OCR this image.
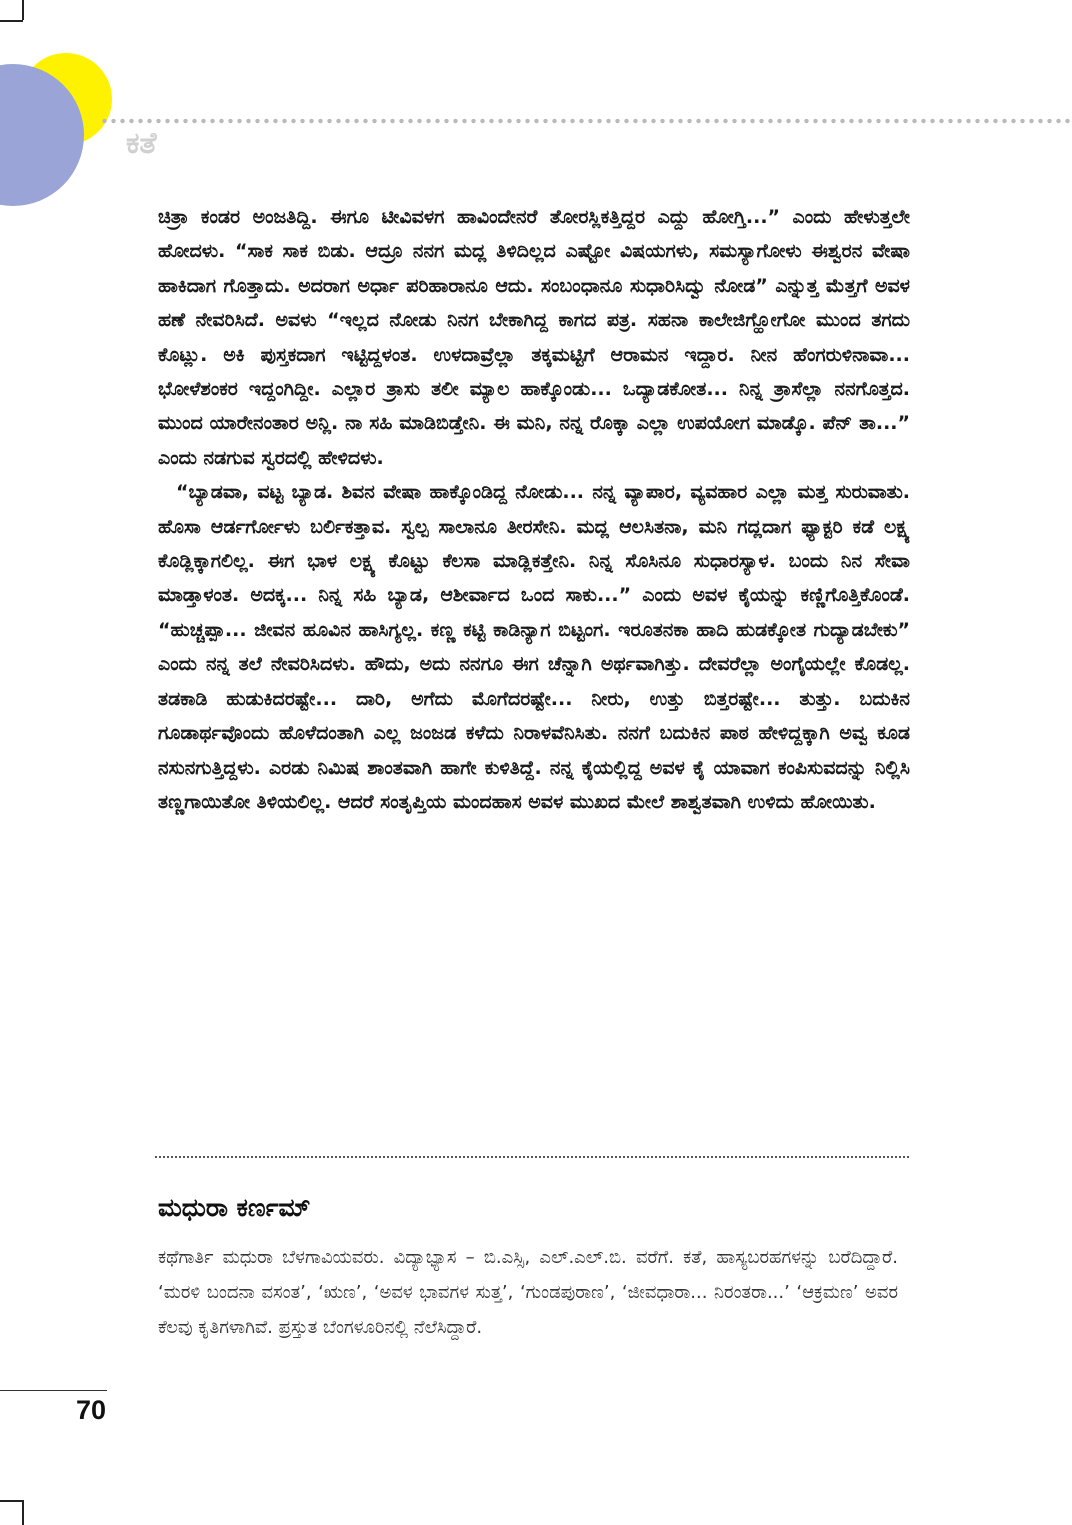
ಕತೆ

ಚಿತ್ರಾ ಕಂಡರ ಅಂಜತಿದ್ದಿ. ಈಗೂ ಟೀವಿವಳಗ ಹಾವಿಂದೇನರೆ ತೋರಸ್ಲಿಕತ್ತಿದ್ದರ ಎದ್ದು ಹೋಗ್ತಿ...” ಎಂದು ಹೇಳುತ್ತಲೇ ಹೋದಳು. “ಸಾಕ ಸಾಕ ಬಿಡು. ಆದ್ರೂ ನನಗ ಮದ್ಲ ತಿಳಿದಿಲ್ಲದ ಎಷ್ಟೋ ವಿಷಯಗಳು, ಸಮಸ್ಯಾಗೋಳು ಈಶ್ವರನ ವೇಷಾ ಹಾಕಿದಾಗ ಗೊತ್ತಾದು. ಅದರಾಗ ಅರ್ಧಾ ಪರಿಹಾರಾನೂ ಆದು. ಸಂಬಂಧಾನೂ ಸುಧಾರಿಸಿದ್ವು ನೋಡ” ಎನ್ನುತ್ತ ಮೆತ್ತಗೆ ಅವಳ ಹಣೆ ನೇವರಿಸಿದೆ. ಅವಳು “ಇಲ್ಲದ ನೋಡು ನಿನಗ ಬೇಕಾಗಿದ್ದ ಕಾಗದ ಪತ್ರ. ಸಹನಾ ಕಾಲೇಜಿಗ್ಹೋಗೋ ಮುಂದ ತಗದು ಕೊಟ್ಲು. ಅಕಿ ಪುಸ್ತಕದಾಗ ಇಟ್ಟಿದ್ದಳಂತ. ಉಳದಾವ್ರೆಲ್ಲಾ ತಕ್ಕಮಟ್ಟಿಗೆ ಆರಾಮನ ಇದ್ದಾರ. ನೀನ ಹೆಂಗರುಳಿನಾವಾ... ಭೋಳೆಶಂಕರ ಇದ್ದಂಗಿದ್ದೀ. ಎಲ್ಲಾರ ತ್ರಾಸು ತಲೀ ಮ್ಯಾಲ ಹಾಕ್ಕೊಂಡು... ಒದ್ಯಾಡಕೋತ... ನಿನ್ನ ತ್ರಾಸೆಲ್ಲಾ ನನಗೊತ್ತದ. ಮುಂದ ಯಾರೇನಂತಾರ ಅನ್ಲಿ. ನಾ ಸಹಿ ಮಾಡಿಬಿಡ್ತೇನಿ. ಈ ಮನಿ, ನನ್ನ ರೊಕ್ಕಾ ಎಲ್ಲಾ ಉಪಯೋಗ ಮಾಡ್ಕೊ. ಪೆನ್ ತಾ...” ಎಂದು ನಡಗುವ ಸ್ವರದಲ್ಲಿ ಹೇಳಿದಳು.

“ಬ್ಯಾಡವಾ, ವಟ್ಟ ಬ್ಯಾಡ. ಶಿವನ ವೇಷಾ ಹಾಕ್ಕೊಂಡಿದ್ದ ನೋಡು... ನನ್ನ ವ್ಯಾಪಾರ, ವ್ಯವಹಾರ ಎಲ್ಲಾ ಮತ್ತ ಸುರುವಾತು. ಹೊಸಾ ಆರ್ಡರ್ಗೋಳು ಬರ್ಲಿಕತ್ತಾವ. ಸ್ವಲ್ಪ ಸಾಲಾನೂ ತೀರಸೇನಿ. ಮದ್ಲ ಆಲಸಿತನಾ, ಮನಿ ಗದ್ಲದಾಗ ಫ್ಯಾಕ್ಟರಿ ಕಡೆ ಲಕ್ಷ್ಯ ಕೊಡ್ಲಿಕ್ಕಾಗಲಿಲ್ಲ. ಈಗ ಭಾಳ ಲಕ್ಷ್ಯ ಕೊಟ್ಟು ಕೆಲಸಾ ಮಾಡ್ಲಿಕತ್ತೇನಿ. ನಿನ್ನ ಸೊಸಿನೂ ಸುಧಾರಸ್ಯಾಳ. ಬಂದು ನಿನ ಸೇವಾ ಮಾಡ್ತಾಳಂತ. ಅದಕ್ಕ... ನಿನ್ನ ಸಹಿ ಬ್ಯಾಡ, ಆಶೀರ್ವಾದ ಒಂದ ಸಾಕು...” ಎಂದು ಅವಳ ಕೈಯನ್ನು ಕಣ್ಣಿಗೊತ್ತಿಕೊಂಡೆ. “ಹುಚ್ಚಪ್ಪಾ... ಜೀವನ ಹೂವಿನ ಹಾಸಿಗ್ಯಲ್ಲ. ಕಣ್ಣ ಕಟ್ಟಿ ಕಾಡಿನ್ಯಾಗ ಬಿಟ್ಟಂಗ. ಇರೂತನಕಾ ಹಾದಿ ಹುಡಕ್ಕೋತ ಗುದ್ಯಾಡಬೇಕು” ಎಂದು ನನ್ನ ತಲೆ ನೇವರಿಸಿದಳು. ಹೌದು, ಅದು ನನಗೂ ಈಗ ಚೆನ್ನಾಗಿ ಅರ್ಥವಾಗಿತ್ತು. ದೇವರೆಲ್ಲಾ ಅಂಗೈಯಲ್ಲೇ ಕೊಡಲ್ಲ. ತಡಕಾಡಿ ಹುಡುಕಿದರಷ್ಟೇ... ದಾರಿ, ಅಗೆದು ಮೊಗೆದರಷ್ಟೇ... ನೀರು, ಉತ್ತು ಬಿತ್ತರಷ್ಟೇ... ತುತ್ತು. ಬದುಕಿನ ಗೂಡಾರ್ಥವೊಂದು ಹೊಳೆದಂತಾಗಿ ಎಲ್ಲ ಜಂಜಡ ಕಳೆದು ನಿರಾಳವೆನಿಸಿತು. ನನಗೆ ಬದುಕಿನ ಪಾಠ ಹೇಳಿದ್ದಕ್ಕಾಗಿ ಅವ್ವ ಕೂಡ ನಸುನಗುತ್ತಿದ್ದಳು. ಎರಡು ನಿಮಿಷ ಶಾಂತವಾಗಿ ಹಾಗೇ ಕುಳಿತಿದ್ದೆ. ನನ್ನ ಕೈಯಲ್ಲಿದ್ದ ಅವಳ ಕೈ ಯಾವಾಗ ಕಂಪಿಸುವದನ್ನು ನಿಲ್ಲಿಸಿ ತಣ್ಣಗಾಯಿತೋ ತಿಳಿಯಲಿಲ್ಲ. ಆದರೆ ಸಂತೃಪ್ತಿಯ ಮಂದಹಾಸ ಅವಳ ಮುಖದ ಮೇಲೆ ಶಾಶ್ವತವಾಗಿ ಉಳಿದು ಹೋಯಿತು.

ಮಧುರಾ ಕರ್ಣಮ್

ಕಥೆಗಾರ್ತಿ ಮಧುರಾ ಬೆಳಗಾವಿಯವರು. ವಿದ್ಯಾಭ್ಯಾಸ – ಬಿ.ಎಸ್ಸಿ, ಎಲ್.ಎಲ್.ಬಿ. ವರೆಗೆ. ಕತೆ, ಹಾಸ್ಯಬರಹಗಳನ್ನು ಬರೆದಿದ್ದಾರೆ. ‘ಮರಳಿ ಬಂದನಾ ವಸಂತ’, ‘ಋಣ’, ‘ಅವಳ ಭಾವಗಳ ಸುತ್ತ’, ‘ಗುಂಡಪುರಾಣ’, ‘ಜೀವಧಾರಾ... ನಿರಂತರಾ...’ ‘ಆಕ್ರಮಣ’ ಅವರ ಕೆಲವು ಕೃತಿಗಳಾಗಿವೆ. ಪ್ರಸ್ತುತ ಬೆಂಗಳೂರಿನಲ್ಲಿ ನೆಲೆಸಿದ್ದಾರೆ.

70
